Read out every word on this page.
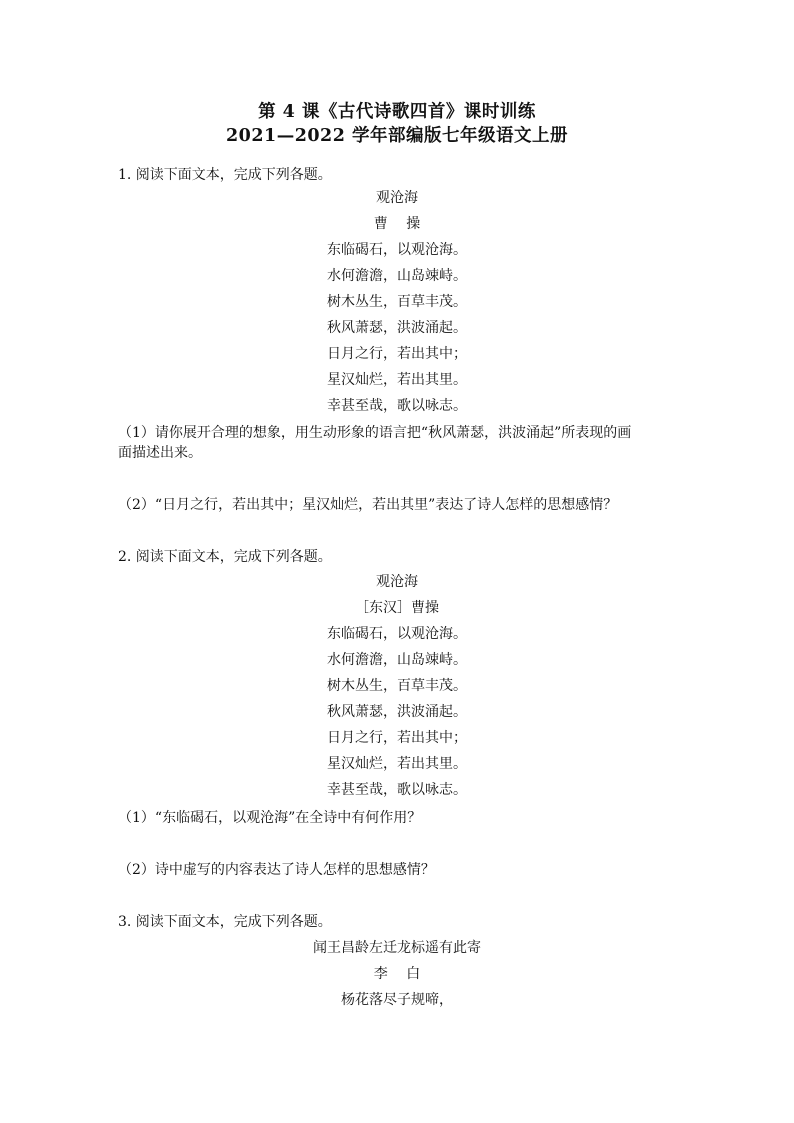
第 4 课《古代诗歌四首》课时训练
2021—2022 学年部编版七年级语文上册
1. 阅读下面文本，完成下列各题。
观沧海
曹　 操
东临碣石，以观沧海。
水何澹澹，山岛竦峙。
树木丛生，百草丰茂。
秋风萧瑟，洪波涌起。
日月之行，若出其中；
星汉灿烂，若出其里。
幸甚至哉，歌以咏志。
（1）请你展开合理的想象，用生动形象的语言把“秋风萧瑟，洪波涌起”所表现的画面描述出来。
（2）“日月之行，若出其中；星汉灿烂，若出其里”表达了诗人怎样的思想感情？
2. 阅读下面文本，完成下列各题。
观沧海
［东汉］曹操
东临碣石，以观沧海。
水何澹澹，山岛竦峙。
树木丛生，百草丰茂。
秋风萧瑟，洪波涌起。
日月之行，若出其中；
星汉灿烂，若出其里。
幸甚至哉，歌以咏志。
（1）“东临碣石，以观沧海”在全诗中有何作用？
（2）诗中虚写的内容表达了诗人怎样的思想感情？
3. 阅读下面文本，完成下列各题。
闻王昌龄左迁龙标遥有此寄
李　 白
杨花落尽子规啼，
